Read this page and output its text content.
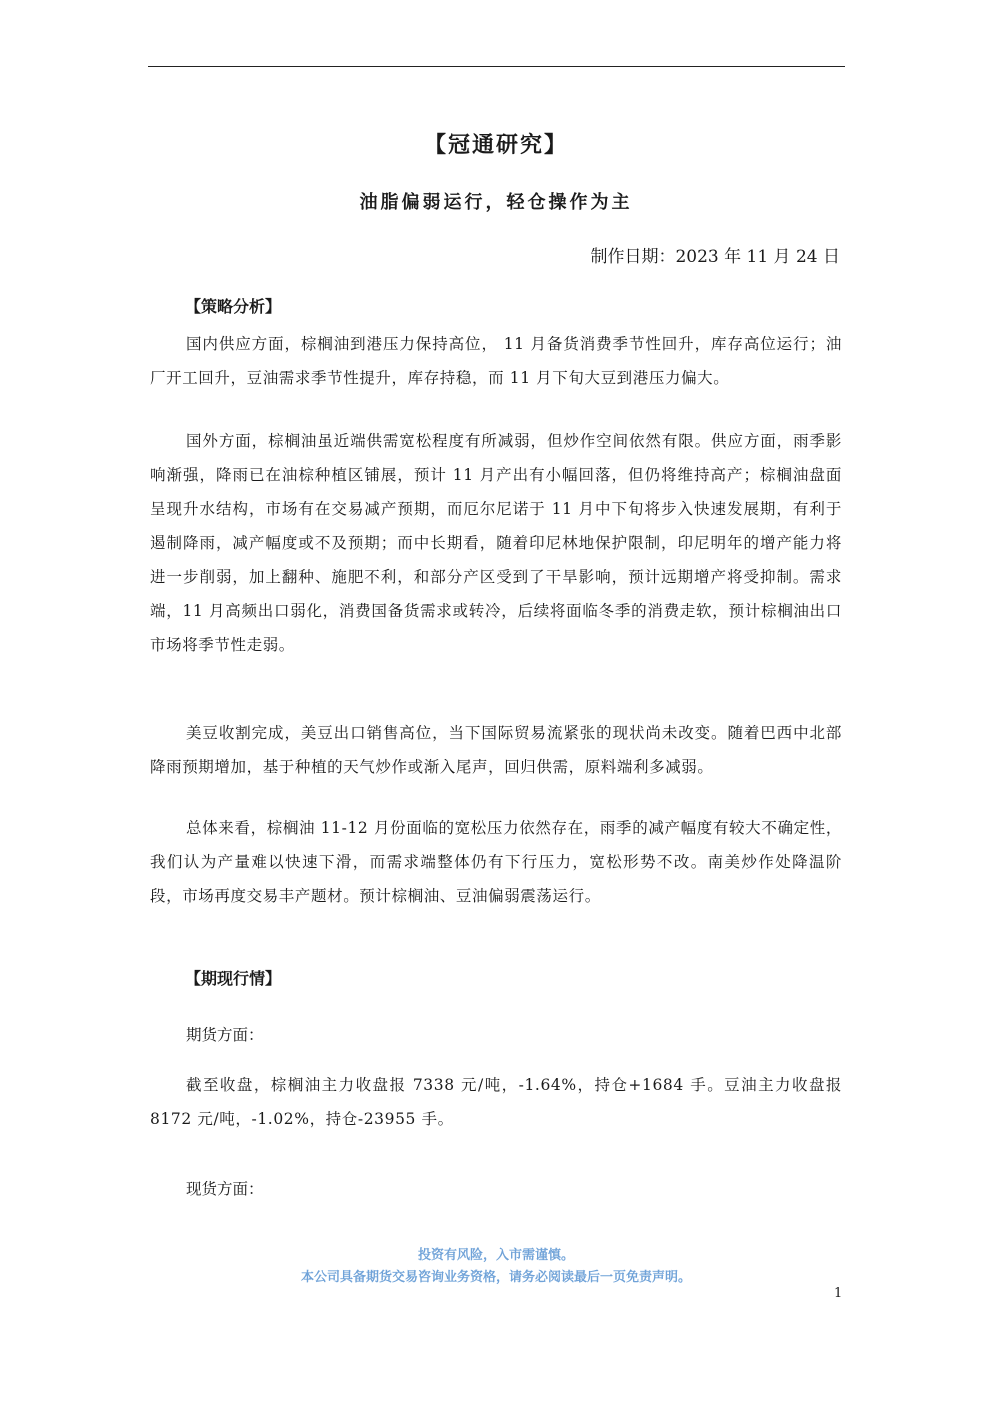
【冠通研究】
油脂偏弱运行，轻仓操作为主
制作日期：2023 年 11 月 24 日
【策略分析】

国内供应方面，棕榈油到港压力保持高位， 11 月备货消费季节性回升，库存高位运行；油厂开工回升，豆油需求季节性提升，库存持稳，而 11 月下旬大豆到港压力偏大。

国外方面，棕榈油虽近端供需宽松程度有所减弱，但炒作空间依然有限。供应方面，雨季影响渐强，降雨已在油棕种植区铺展，预计 11 月产出有小幅回落，但仍将维持高产；棕榈油盘面呈现升水结构，市场有在交易减产预期，而厄尔尼诺于 11 月中下旬将步入快速发展期，有利于遏制降雨，减产幅度或不及预期；而中长期看，随着印尼林地保护限制，印尼明年的增产能力将进一步削弱，加上翻种、施肥不利，和部分产区受到了干旱影响，预计远期增产将受抑制。需求端，11 月高频出口弱化，消费国备货需求或转冷，后续将面临冬季的消费走软，预计棕榈油出口市场将季节性走弱。

美豆收割完成，美豆出口销售高位，当下国际贸易流紧张的现状尚未改变。随着巴西中北部降雨预期增加，基于种植的天气炒作或渐入尾声，回归供需，原料端利多减弱。

总体来看，棕榈油 11-12 月份面临的宽松压力依然存在，雨季的减产幅度有较大不确定性，我们认为产量难以快速下滑，而需求端整体仍有下行压力，宽松形势不改。南美炒作处降温阶段，市场再度交易丰产题材。预计棕榈油、豆油偏弱震荡运行。

【期现行情】
期货方面：

截至收盘，棕榈油主力收盘报 7338 元/吨，-1.64%，持仓+1684 手。豆油主力收盘报 8172 元/吨，-1.02%，持仓-23955 手。

现货方面：
投资有风险，入市需谨慎。
本公司具备期货交易咨询业务资格，请务必阅读最后一页免责声明。
1
